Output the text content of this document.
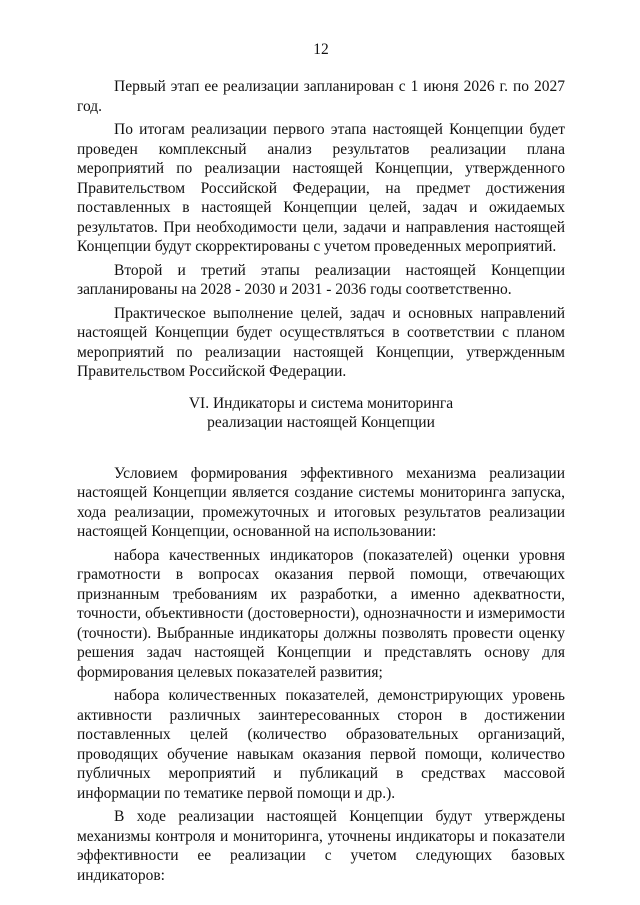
12

Первый этап ее реализации запланирован с 1 июня 2026 г. по 2027 год.

По итогам реализации первого этапа настоящей Концепции будет проведен комплексный анализ результатов реализации плана мероприятий по реализации настоящей Концепции, утвержденного Правительством Российской Федерации, на предмет достижения поставленных в настоящей Концепции целей, задач и ожидаемых результатов. При необходимости цели, задачи и направления настоящей Концепции будут скорректированы с учетом проведенных мероприятий.

Второй и третий этапы реализации настоящей Концепции запланированы на 2028 - 2030 и 2031 - 2036 годы соответственно.

Практическое выполнение целей, задач и основных направлений настоящей Концепции будет осуществляться в соответствии с планом мероприятий по реализации настоящей Концепции, утвержденным Правительством Российской Федерации.

VI. Индикаторы и система мониторинга
реализации настоящей Концепции

Условием формирования эффективного механизма реализации настоящей Концепции является создание системы мониторинга запуска, хода реализации, промежуточных и итоговых результатов реализации настоящей Концепции, основанной на использовании:

набора качественных индикаторов (показателей) оценки уровня грамотности в вопросах оказания первой помощи, отвечающих признанным требованиям их разработки, а именно адекватности, точности, объективности (достоверности), однозначности и измеримости (точности). Выбранные индикаторы должны позволять провести оценку решения задач настоящей Концепции и представлять основу для формирования целевых показателей развития;

набора количественных показателей, демонстрирующих уровень активности различных заинтересованных сторон в достижении поставленных целей (количество образовательных организаций, проводящих обучение навыкам оказания первой помощи, количество публичных мероприятий и публикаций в средствах массовой информации по тематике первой помощи и др.).

В ходе реализации настоящей Концепции будут утверждены механизмы контроля и мониторинга, уточнены индикаторы и показатели эффективности ее реализации с учетом следующих базовых индикаторов:
